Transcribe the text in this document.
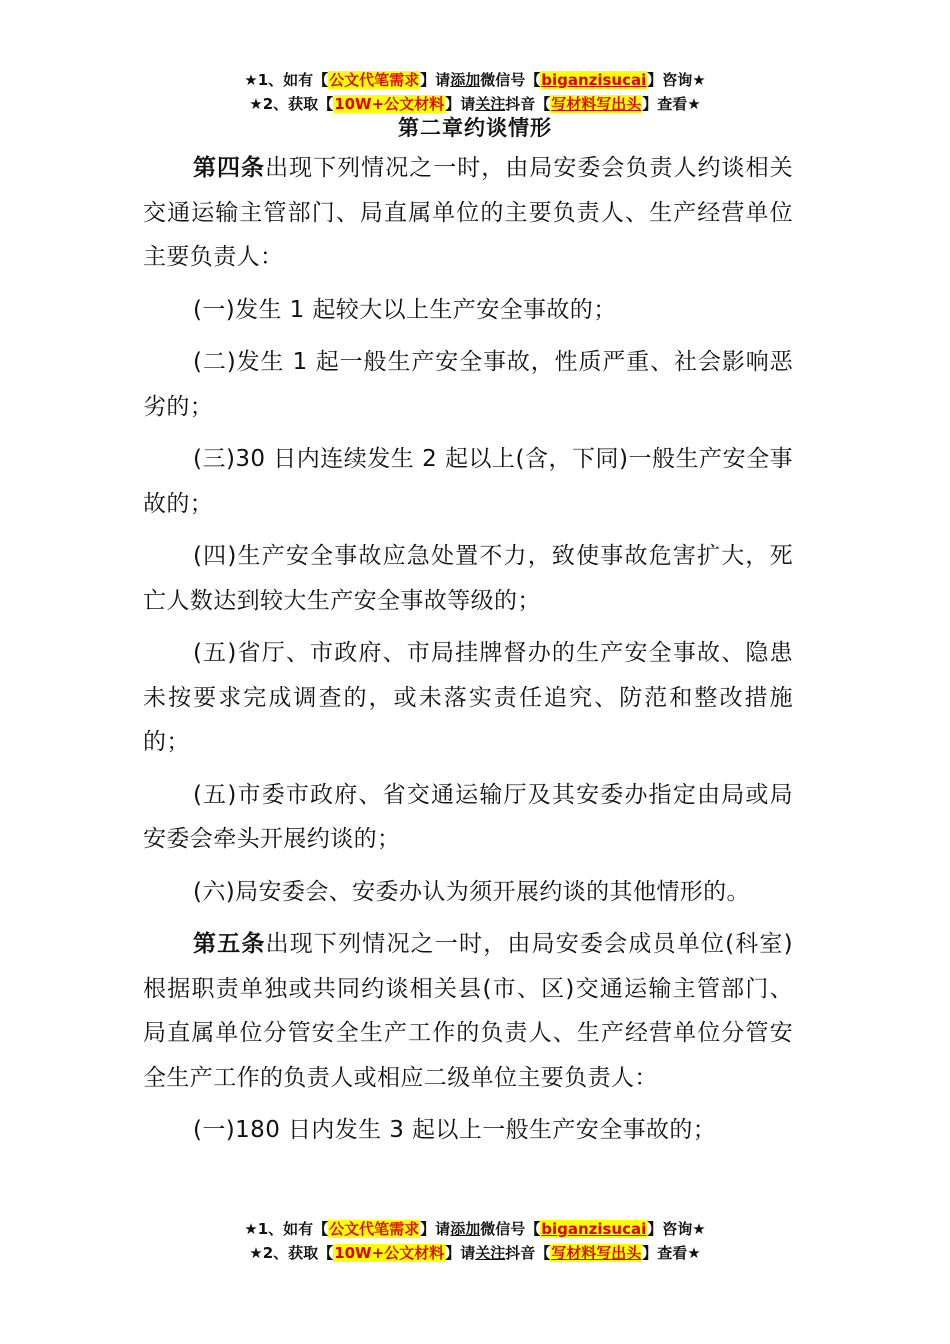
★1、如有【公文代笔需求】请添加微信号【biganzisucai】咨询★
★2、获取【10W+公文材料】请关注抖音【写材料写出头】查看★
第二章约谈情形

第四条出现下列情况之一时，由局安委会负责人约谈相关交通运输主管部门、局直属单位的主要负责人、生产经营单位主要负责人：

(一)发生 1 起较大以上生产安全事故的；

(二)发生 1 起一般生产安全事故，性质严重、社会影响恶劣的；

(三)30 日内连续发生 2 起以上(含，下同)一般生产安全事故的；

(四)生产安全事故应急处置不力，致使事故危害扩大，死亡人数达到较大生产安全事故等级的；

(五)省厅、市政府、市局挂牌督办的生产安全事故、隐患未按要求完成调查的，或未落实责任追究、防范和整改措施的；

(五)市委市政府、省交通运输厅及其安委办指定由局或局安委会牵头开展约谈的；

(六)局安委会、安委办认为须开展约谈的其他情形的。

第五条出现下列情况之一时，由局安委会成员单位(科室)根据职责单独或共同约谈相关县(市、区)交通运输主管部门、局直属单位分管安全生产工作的负责人、生产经营单位分管安全生产工作的负责人或相应二级单位主要负责人：

(一)180 日内发生 3 起以上一般生产安全事故的；

★1、如有【公文代笔需求】请添加微信号【biganzisucai】咨询★
★2、获取【10W+公文材料】请关注抖音【写材料写出头】查看★
